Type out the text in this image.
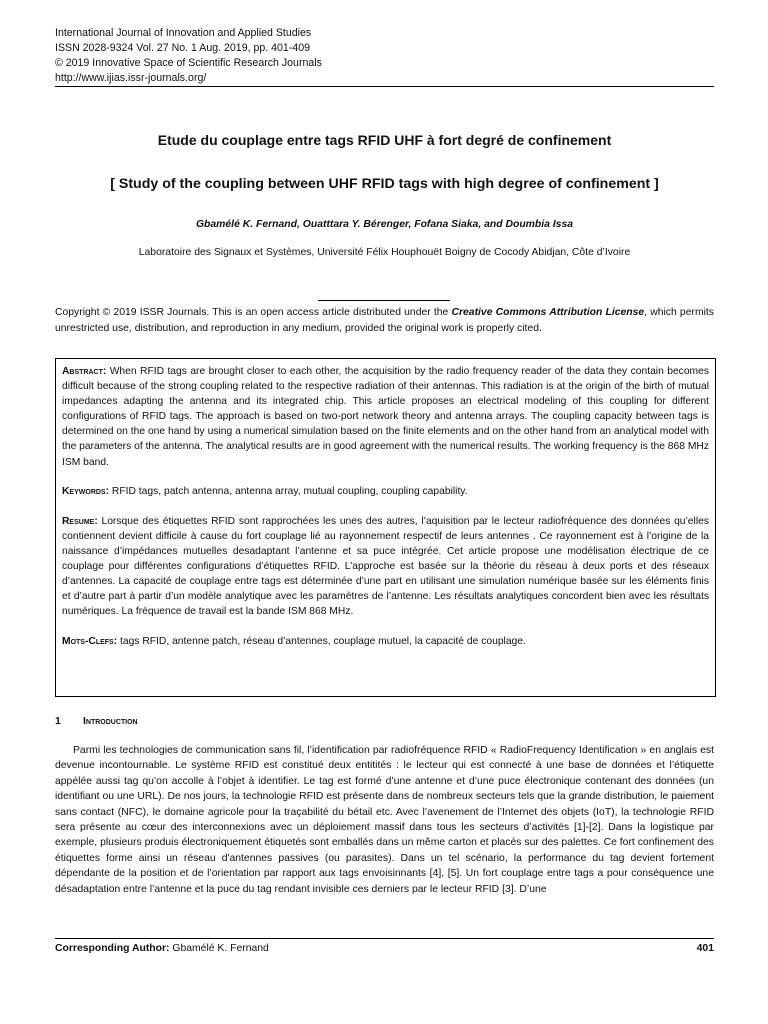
International Journal of Innovation and Applied Studies
ISSN 2028-9324 Vol. 27 No. 1 Aug. 2019, pp. 401-409
© 2019 Innovative Space of Scientific Research Journals
http://www.ijias.issr-journals.org/
Etude du couplage entre tags RFID UHF à fort degré de confinement
[ Study of the coupling between UHF RFID tags with high degree of confinement ]
Gbamélé K. Fernand, Ouatttara Y. Bérenger, Fofana Siaka, and Doumbia Issa
Laboratoire des Signaux et Systèmes, Université Félix Houphouët Boigny de Cocody Abidjan, Côte d’Ivoire
Copyright © 2019 ISSR Journals. This is an open access article distributed under the Creative Commons Attribution License, which permits unrestricted use, distribution, and reproduction in any medium, provided the original work is properly cited.

Abstract: When RFID tags are brought closer to each other, the acquisition by the radio frequency reader of the data they contain becomes difficult because of the strong coupling related to the respective radiation of their antennas. This radiation is at the origin of the birth of mutual impedances adapting the antenna and its integrated chip. This article proposes an electrical modeling of this coupling for different configurations of RFID tags. The approach is based on two-port network theory and antenna arrays. The coupling capacity between tags is determined on the one hand by using a numerical simulation based on the finite elements and on the other hand from an analytical model with the parameters of the antenna. The analytical results are in good agreement with the numerical results. The working frequency is the 868 MHz ISM band.

Keywords: RFID tags, patch antenna, antenna array, mutual coupling, coupling capability.

Resume: Lorsque des étiquettes RFID sont rapprochées les unes des autres, l’aquisition par le lecteur radiofréquence des données qu’elles contiennent devient difficile à cause du fort couplage lié au rayonnement respectif de leurs antennes . Ce rayonnement est à l’origine de la naissance d’impédances mutuelles desadaptant l’antenne et sa puce intégrée. Cet article propose une modélisation électrique de ce couplage pour différentes configurations d’étiquettes RFID. L’approche est basée sur la théorie du réseau à deux ports et des réseaux d’antennes. La capacité de couplage entre tags est déterminée d’une part en utilisant une simulation numérique basée sur les éléments finis et d’autre part à partir d’un modèle analytique avec les paramètres de l’antenne. Les résultats analytiques concordent bien avec les résultats numériques. La fréquence de travail est la bande ISM 868 MHz.

Mots-Clefs: tags RFID, antenne patch, réseau d’antennes, couplage mutuel, la capacité de couplage.

1 Introduction

Parmi les technologies de communication sans fil, l’identification par radiofréquence RFID « RadioFrequency Identification » en anglais est devenue incontournable. Le système RFID est constitué deux entitités : le lecteur qui est connecté à une base de données et l’étiquette appélée aussi tag qu’on accolle à l’objet à identifier. Le tag est formé d’une antenne et d’une puce électronique contenant des données (un identifiant ou une URL). De nos jours, la technologie RFID est présente dans de nombreux secteurs tels que la grande distribution, le paiement sans contact (NFC), le domaine agricole pour la traçabilité du bétail etc. Avec l’avenement de l’Internet des objets (IoT), la technologie RFID sera présente au cœur des interconnexions avec un déploiement massif dans tous les secteurs d’activités [1]-[2]. Dans la logistique par exemple, plusieurs produis électroniquement étiquetés sont emballés dans un même carton et placés sur des palettes. Ce fort confinement des étiquettes forme ainsi un réseau d'antennes passives (ou parasites). Dans un tel scénario, la performance du tag devient fortement dépendante de la position et de l’orientation par rapport aux tags envoisinnants [4], [5]. Un fort couplage entre tags a pour conséquence une désadaptation entre l’antenne et la puce du tag rendant invisible ces derniers par le lecteur RFID [3]. D’une

Corresponding Author: Gbamélé K. Fernand	401
